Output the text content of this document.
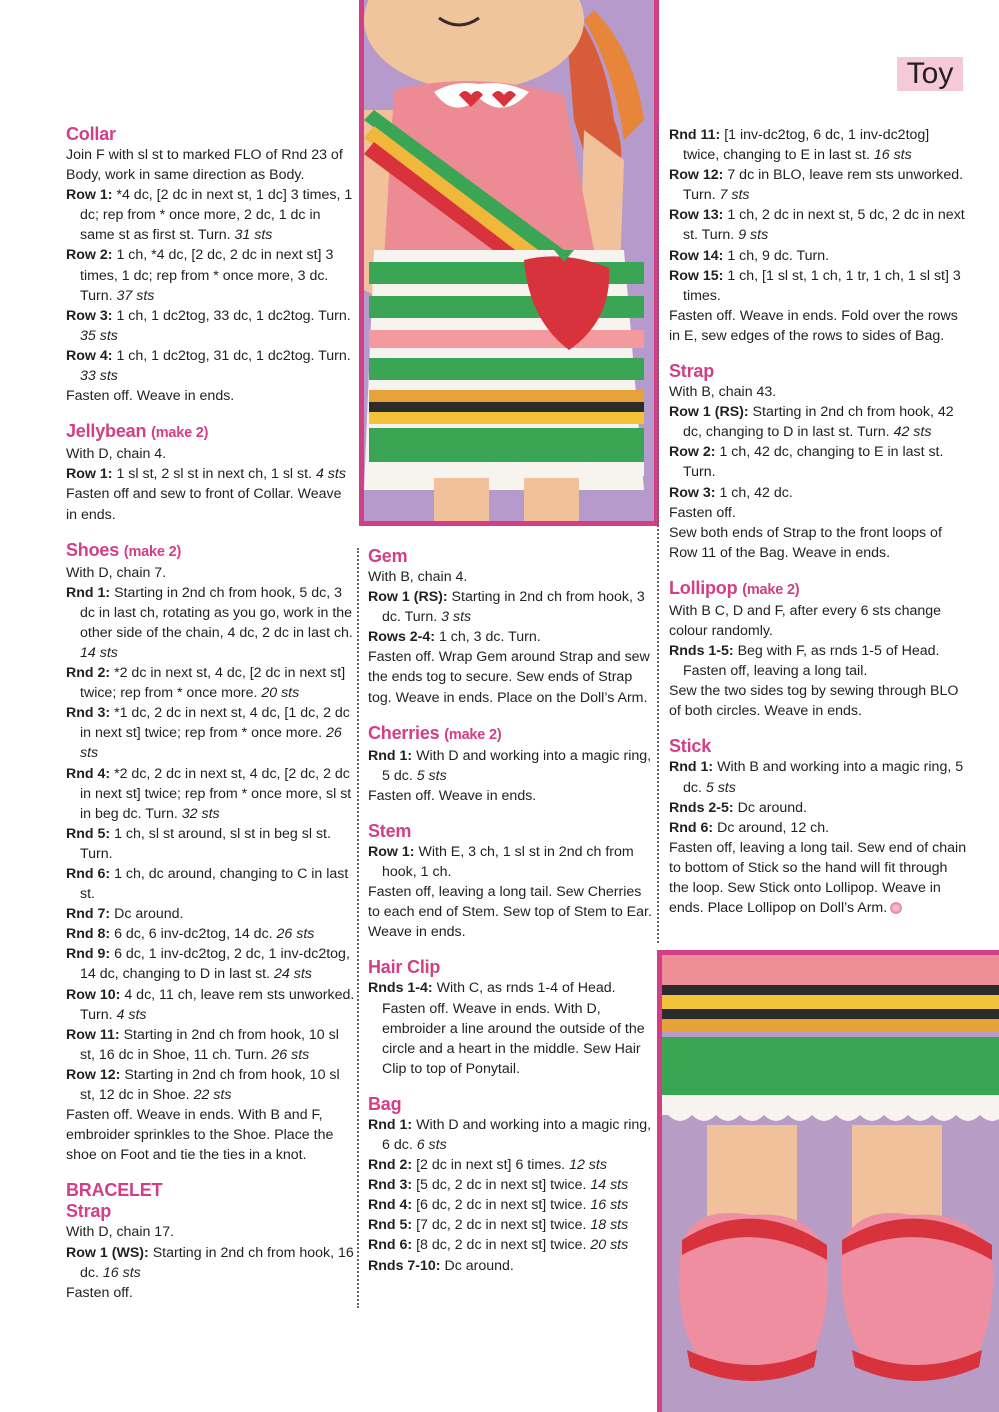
Toy
Collar

Join F with sl st to marked FLO of Rnd 23 of Body, work in same direction as Body.

Row 1: *4 dc, [2 dc in next st, 1 dc] 3 times, 1 dc; rep from * once more, 2 dc, 1 dc in same st as first st. Turn. 31 sts

Row 2: 1 ch, *4 dc, [2 dc, 2 dc in next st] 3 times, 1 dc; rep from * once more, 3 dc. Turn. 37 sts

Row 3: 1 ch, 1 dc2tog, 33 dc, 1 dc2tog. Turn. 35 sts

Row 4: 1 ch, 1 dc2tog, 31 dc, 1 dc2tog. Turn. 33 sts

Fasten off. Weave in ends.

Jellybean (make 2)

With D, chain 4.

Row 1: 1 sl st, 2 sl st in next ch, 1 sl st. 4 sts

Fasten off and sew to front of Collar. Weave in ends.

Shoes (make 2)

With D, chain 7.

Rnd 1: Starting in 2nd ch from hook, 5 dc, 3 dc in last ch, rotating as you go, work in the other side of the chain, 4 dc, 2 dc in last ch. 14 sts

Rnd 2: *2 dc in next st, 4 dc, [2 dc in next st] twice; rep from * once more. 20 sts

Rnd 3: *1 dc, 2 dc in next st, 4 dc, [1 dc, 2 dc in next st] twice; rep from * once more. 26 sts

Rnd 4: *2 dc, 2 dc in next st, 4 dc, [2 dc, 2 dc in next st] twice; rep from * once more, sl st in beg dc. Turn. 32 sts

Rnd 5: 1 ch, sl st around, sl st in beg sl st. Turn.

Rnd 6: 1 ch, dc around, changing to C in last st.

Rnd 7: Dc around.

Rnd 8: 6 dc, 6 inv-dc2tog, 14 dc. 26 sts

Rnd 9: 6 dc, 1 inv-dc2tog, 2 dc, 1 inv-dc2tog, 14 dc, changing to D in last st. 24 sts

Row 10: 4 dc, 11 ch, leave rem sts unworked. Turn. 4 sts

Row 11: Starting in 2nd ch from hook, 10 sl st, 16 dc in Shoe, 11 ch. Turn. 26 sts

Row 12: Starting in 2nd ch from hook, 10 sl st, 12 dc in Shoe. 22 sts

Fasten off. Weave in ends. With B and F, embroider sprinkles to the Shoe. Place the shoe on Foot and tie the ties in a knot.

BRACELET
Strap

With D, chain 17.

Row 1 (WS): Starting in 2nd ch from hook, 16 dc. 16 sts

Fasten off.

Gem

With B, chain 4.

Row 1 (RS): Starting in 2nd ch from hook, 3 dc. Turn. 3 sts

Rows 2-4: 1 ch, 3 dc. Turn.

Fasten off. Wrap Gem around Strap and sew the ends tog to secure. Sew ends of Strap tog. Weave in ends. Place on the Doll’s Arm.

Cherries (make 2)

Rnd 1: With D and working into a magic ring, 5 dc. 5 sts

Fasten off. Weave in ends.

Stem

Row 1: With E, 3 ch, 1 sl st in 2nd ch from hook, 1 ch.

Fasten off, leaving a long tail. Sew Cherries to each end of Stem. Sew top of Stem to Ear. Weave in ends.

Hair Clip

Rnds 1-4: With C, as rnds 1-4 of Head. Fasten off. Weave in ends. With D, embroider a line around the outside of the circle and a heart in the middle. Sew Hair Clip to top of Ponytail.

Bag

Rnd 1: With D and working into a magic ring, 6 dc. 6 sts

Rnd 2: [2 dc in next st] 6 times. 12 sts

Rnd 3: [5 dc, 2 dc in next st] twice. 14 sts

Rnd 4: [6 dc, 2 dc in next st] twice. 16 sts

Rnd 5: [7 dc, 2 dc in next st] twice. 18 sts

Rnd 6: [8 dc, 2 dc in next st] twice. 20 sts

Rnds 7-10: Dc around.

Rnd 11: [1 inv-dc2tog, 6 dc, 1 inv-dc2tog] twice, changing to E in last st. 16 sts

Row 12: 7 dc in BLO, leave rem sts unworked. Turn. 7 sts

Row 13: 1 ch, 2 dc in next st, 5 dc, 2 dc in next st. Turn. 9 sts

Row 14: 1 ch, 9 dc. Turn.

Row 15: 1 ch, [1 sl st, 1 ch, 1 tr, 1 ch, 1 sl st] 3 times.

Fasten off. Weave in ends. Fold over the rows in E, sew edges of the rows to sides of Bag.

Strap

With B, chain 43.

Row 1 (RS): Starting in 2nd ch from hook, 42 dc, changing to D in last st. Turn. 42 sts

Row 2: 1 ch, 42 dc, changing to E in last st. Turn.

Row 3: 1 ch, 42 dc.

Fasten off.

Sew both ends of Strap to the front loops of Row 11 of the Bag. Weave in ends.

Lollipop (make 2)

With B C, D and F, after every 6 sts change colour randomly.

Rnds 1-5: Beg with F, as rnds 1-5 of Head. Fasten off, leaving a long tail.

Sew the two sides tog by sewing through BLO of both circles. Weave in ends.

Stick

Rnd 1: With B and working into a magic ring, 5 dc. 5 sts

Rnds 2-5: Dc around.

Rnd 6: Dc around, 12 ch.

Fasten off, leaving a long tail. Sew end of chain to bottom of Stick so the hand will fit through the loop. Sew Stick onto Lollipop. Weave in ends. Place Lollipop on Doll’s Arm.
